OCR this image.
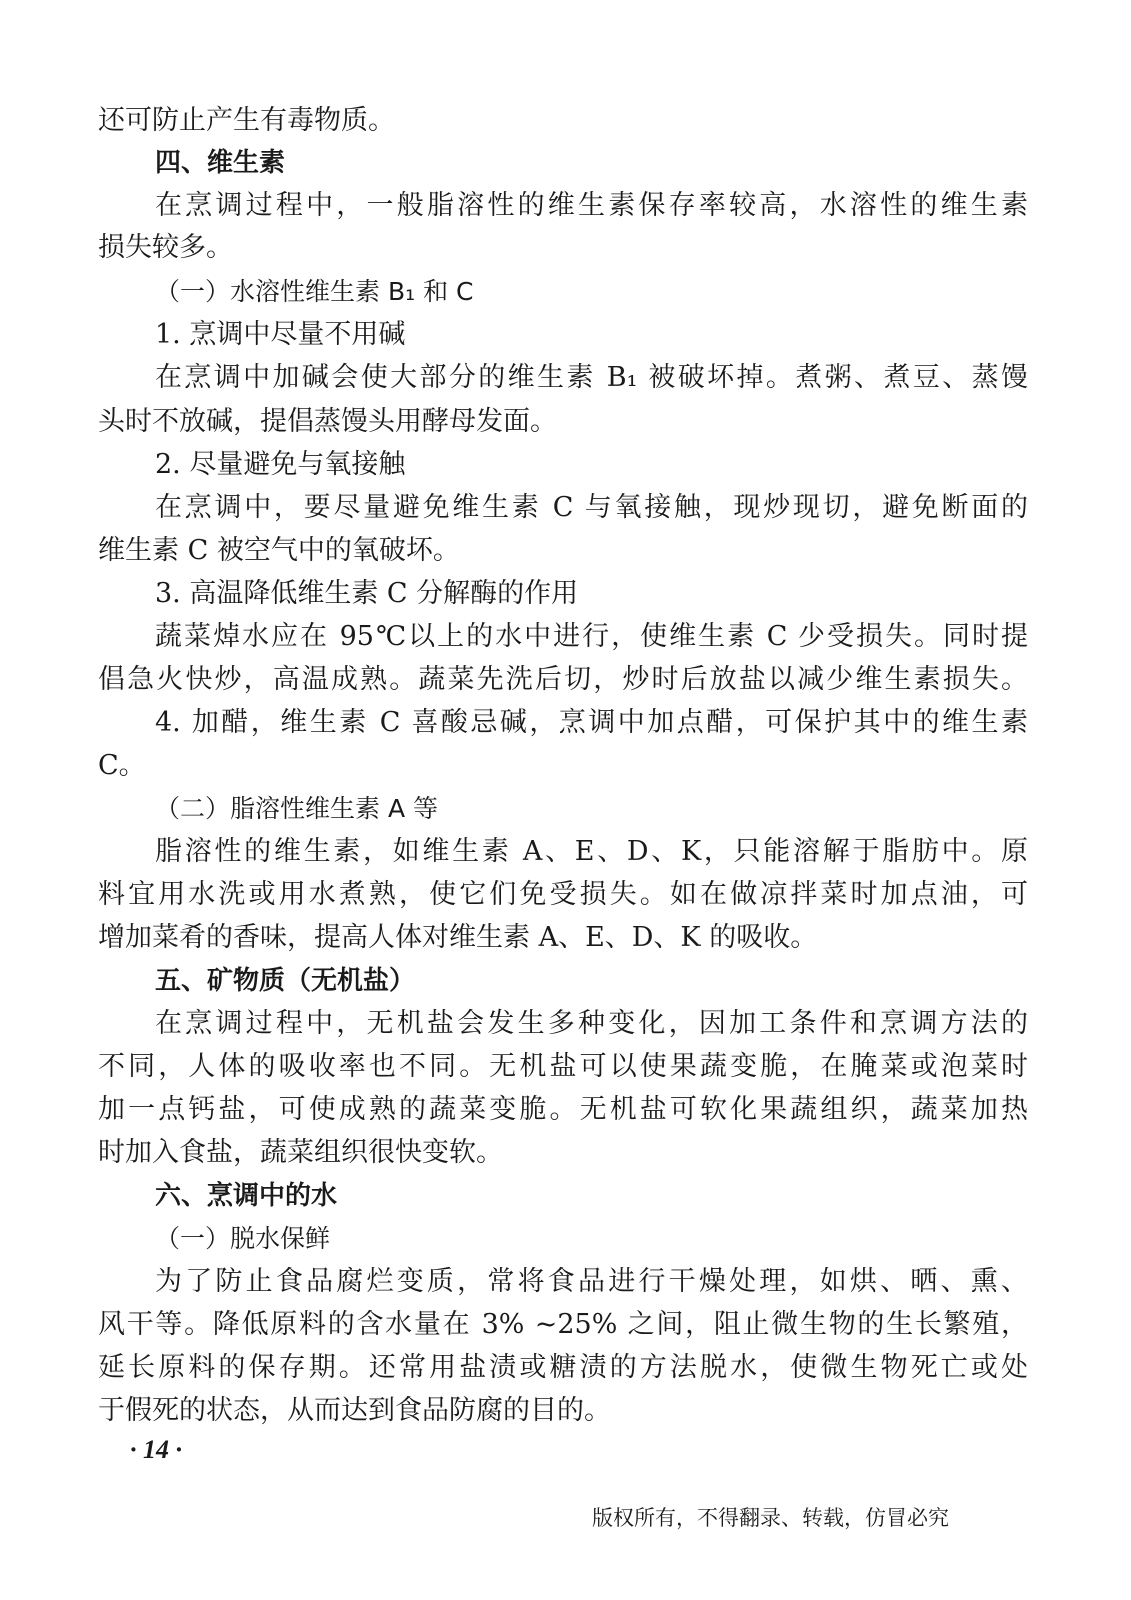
还可防止产生有毒物质。
四、维生素
在烹调过程中，一般脂溶性的维生素保存率较高，水溶性的维生素
损失较多。
（一）水溶性维生素 B₁ 和 C
1. 烹调中尽量不用碱
在烹调中加碱会使大部分的维生素 B₁ 被破坏掉。煮粥、煮豆、蒸馒
头时不放碱，提倡蒸馒头用酵母发面。
2. 尽量避免与氧接触
在烹调中，要尽量避免维生素 C 与氧接触，现炒现切，避免断面的
维生素 C 被空气中的氧破坏。
3. 高温降低维生素 C 分解酶的作用
蔬菜焯水应在 95℃以上的水中进行，使维生素 C 少受损失。同时提
倡急火快炒，高温成熟。蔬菜先洗后切，炒时后放盐以减少维生素损失。
4. 加醋，维生素 C 喜酸忌碱，烹调中加点醋，可保护其中的维生素
C。
（二）脂溶性维生素 A 等
脂溶性的维生素，如维生素 A、E、D、K，只能溶解于脂肪中。原
料宜用水洗或用水煮熟，使它们免受损失。如在做凉拌菜时加点油，可
增加菜肴的香味，提高人体对维生素 A、E、D、K 的吸收。
五、矿物质（无机盐）
在烹调过程中，无机盐会发生多种变化，因加工条件和烹调方法的
不同，人体的吸收率也不同。无机盐可以使果蔬变脆，在腌菜或泡菜时
加一点钙盐，可使成熟的蔬菜变脆。无机盐可软化果蔬组织，蔬菜加热
时加入食盐，蔬菜组织很快变软。
六、烹调中的水
（一）脱水保鲜
为了防止食品腐烂变质，常将食品进行干燥处理，如烘、晒、熏、
风干等。降低原料的含水量在 3% ~25% 之间，阻止微生物的生长繁殖，
延长原料的保存期。还常用盐渍或糖渍的方法脱水，使微生物死亡或处
于假死的状态，从而达到食品防腐的目的。
· 14 ·
版权所有，不得翻录、转载，仿冒必究
